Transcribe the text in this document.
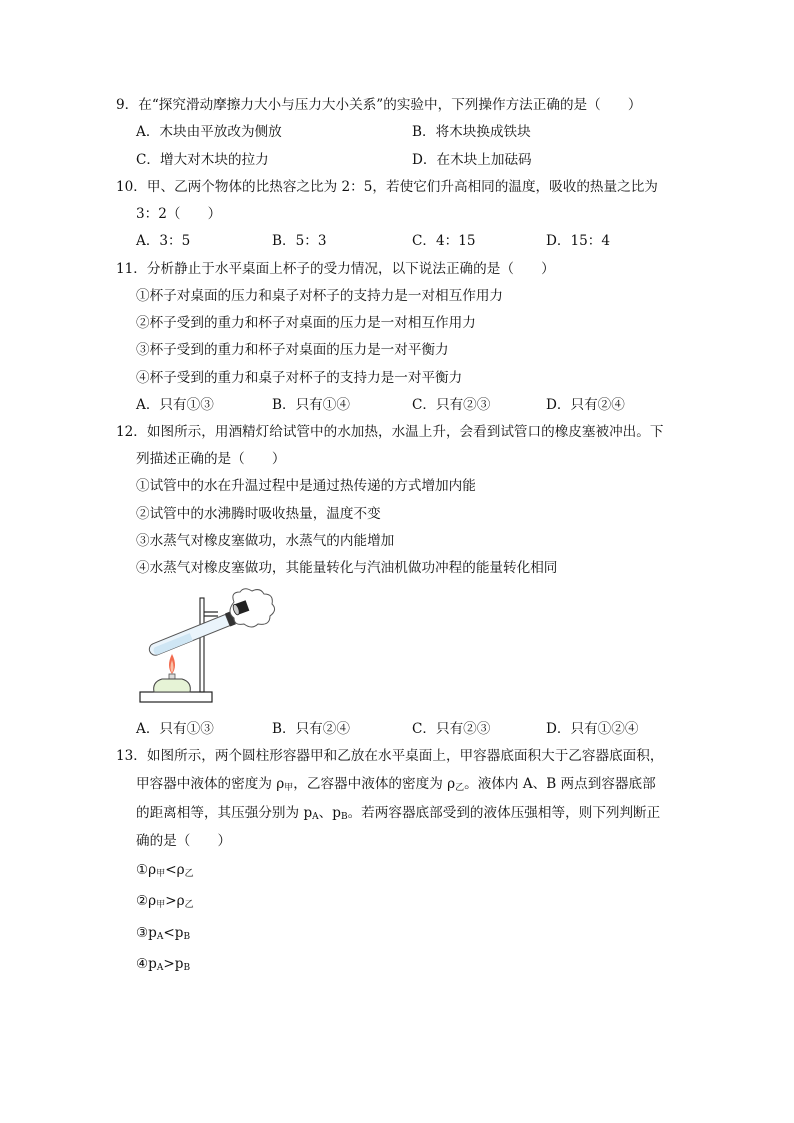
9．在“探究滑动摩擦力大小与压力大小关系”的实验中，下列操作方法正确的是（　　）
A．木块由平放改为侧放	B．将木块换成铁块
C．增大对木块的拉力	D．在木块上加砝码
10．甲、乙两个物体的比热容之比为 2：5，若使它们升高相同的温度，吸收的热量之比为
3：2（　　）
A．3：5	B．5：3	C．4：15	D．15：4
11．分析静止于水平桌面上杯子的受力情况，以下说法正确的是（　　）
①杯子对桌面的压力和桌子对杯子的支持力是一对相互作用力
②杯子受到的重力和杯子对桌面的压力是一对相互作用力
③杯子受到的重力和杯子对桌面的压力是一对平衡力
④杯子受到的重力和桌子对杯子的支持力是一对平衡力
A．只有①③	B．只有①④	C．只有②③	D．只有②④
12．如图所示，用酒精灯给试管中的水加热，水温上升，会看到试管口的橡皮塞被冲出。下
列描述正确的是（　　）
①试管中的水在升温过程中是通过热传递的方式增加内能
②试管中的水沸腾时吸收热量，温度不变
③水蒸气对橡皮塞做功，水蒸气的内能增加
④水蒸气对橡皮塞做功，其能量转化与汽油机做功冲程的能量转化相同
A．只有①③	B．只有②④	C．只有②③	D．只有①②④
13．如图所示，两个圆柱形容器甲和乙放在水平桌面上，甲容器底面积大于乙容器底面积，
甲容器中液体的密度为 $\rho_甲$，乙容器中液体的密度为 $\rho_乙$。液体内 A、B 两点到容器底部
的距离相等，其压强分别为 $p_A$、$p_B$。若两容器底部受到的液体压强相等，则下列判断正
确的是（　　）
$①\rho_甲<\rho_乙$
$②\rho_甲>\rho_乙$
$③p_A<p_B$
$④p_A>p_B$
